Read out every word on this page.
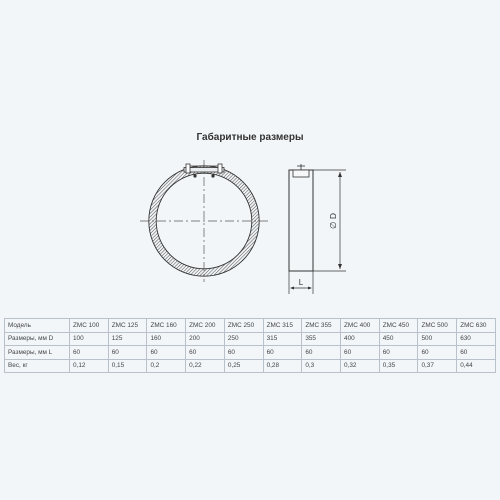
Габаритные размеры
∅ D
L
Модель	ZMC 100	ZMC 125	ZMC 160	ZMC 200	ZMC 250	ZMC 315	ZMC 355	ZMC 400	ZMC 450	ZMC 500	ZMC 630
Размеры, мм D	100	125	160	200	250	315	355	400	450	500	630
Размеры, мм L	60	60	60	60	60	60	60	60	60	60	60
Вес, кг	0,12	0,15	0,2	0,22	0,25	0,28	0,3	0,32	0,35	0,37	0,44
